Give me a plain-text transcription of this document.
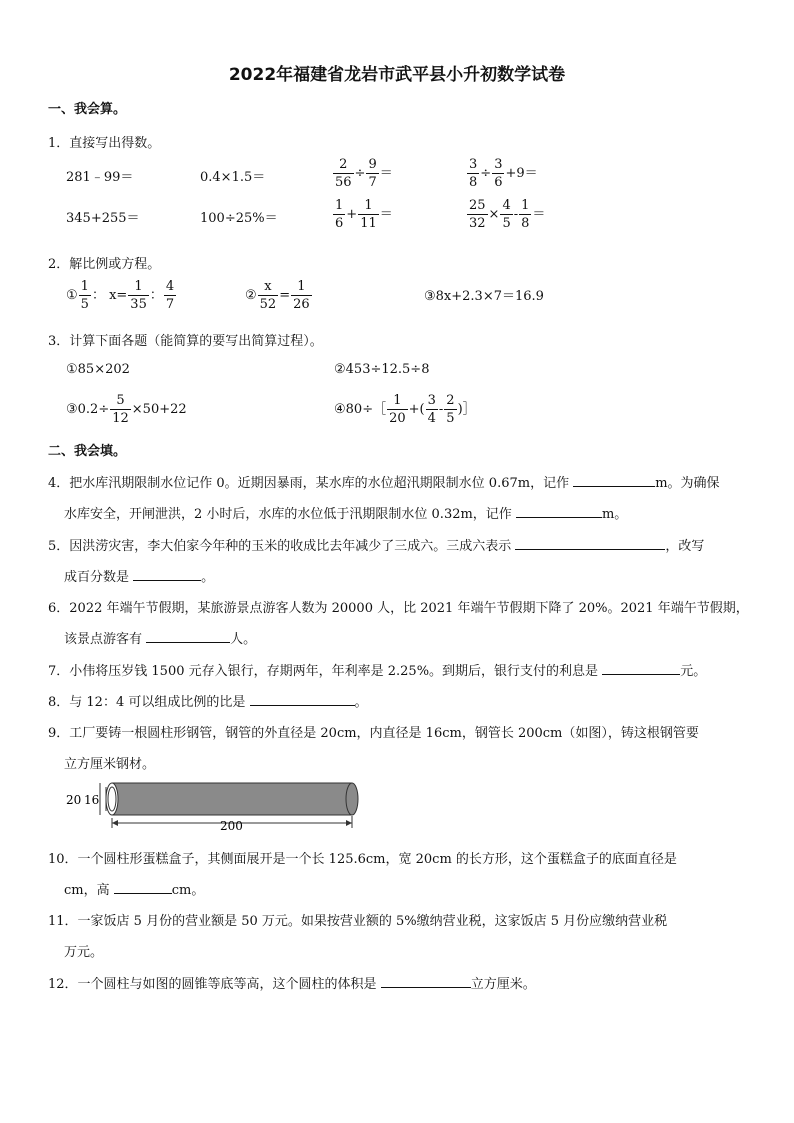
2022年福建省龙岩市武平县小升初数学试卷
一、我会算。
1．直接写出得数。
281﹣99＝	0.4×1.5＝	$\frac{2}{56} \div \frac{9}{7}$ ＝	$\frac{3}{8} \div \frac{3}{6} +9=$
345+255＝	100÷25%＝	$\frac{1}{6} + \frac{1}{11}$ ＝	$\frac{25}{32} \times \frac{4}{5} - \frac{1}{8}$ ＝
2．解比例或方程。
① $\frac{1}{5}$ ： $x= \frac{1}{35}$ ： $\frac{4}{7}$	② $\frac{x}{52} = \frac{1}{26}$	③8x+2.3×7＝16.9
3．计算下面各题（能简算的要写出简算过程）。
①85×202	②453÷12.5÷8
③0.2÷ $\frac{5}{12} \times 50+22$	④80÷［ $\frac{1}{20}$ +( $\frac{3}{4} - \frac{2}{5}$ )］
二、我会填。
4．把水库汛期限制水位记作 0。近期因暴雨，某水库的水位超汛期限制水位 0.67m，记作	m。为确保
水库安全，开闸泄洪，2 小时后，水库的水位低于汛期限制水位 0.32m，记作	m。
5．因洪涝灾害，李大伯家今年种的玉米的收成比去年减少了三成六。三成六表示	，改写
成百分数是	。
6．2022 年端午节假期，某旅游景点游客人数为 20000 人，比 2021 年端午节假期下降了 20%。2021 年端午节假期，
该景点游客有	人。
7．小伟将压岁钱 1500 元存入银行，存期两年，年利率是 2.25%。到期后，银行支付的利息是	元。
8．与 12：4 可以组成比例的比是	。
9．工厂要铸一根圆柱形钢管，钢管的外直径是 20cm，内直径是 16cm，钢管长 200cm（如图），铸这根钢管要
立方厘米钢材。
20 16
200
10．一个圆柱形蛋糕盒子，其侧面展开是一个长 125.6cm，宽 20cm 的长方形，这个蛋糕盒子的底面直径是
cm，高	cm。
11．一家饭店 5 月份的营业额是 50 万元。如果按营业额的 5%缴纳营业税，这家饭店 5 月份应缴纳营业税
万元。
12．一个圆柱与如图的圆锥等底等高，这个圆柱的体积是	立方厘米。
